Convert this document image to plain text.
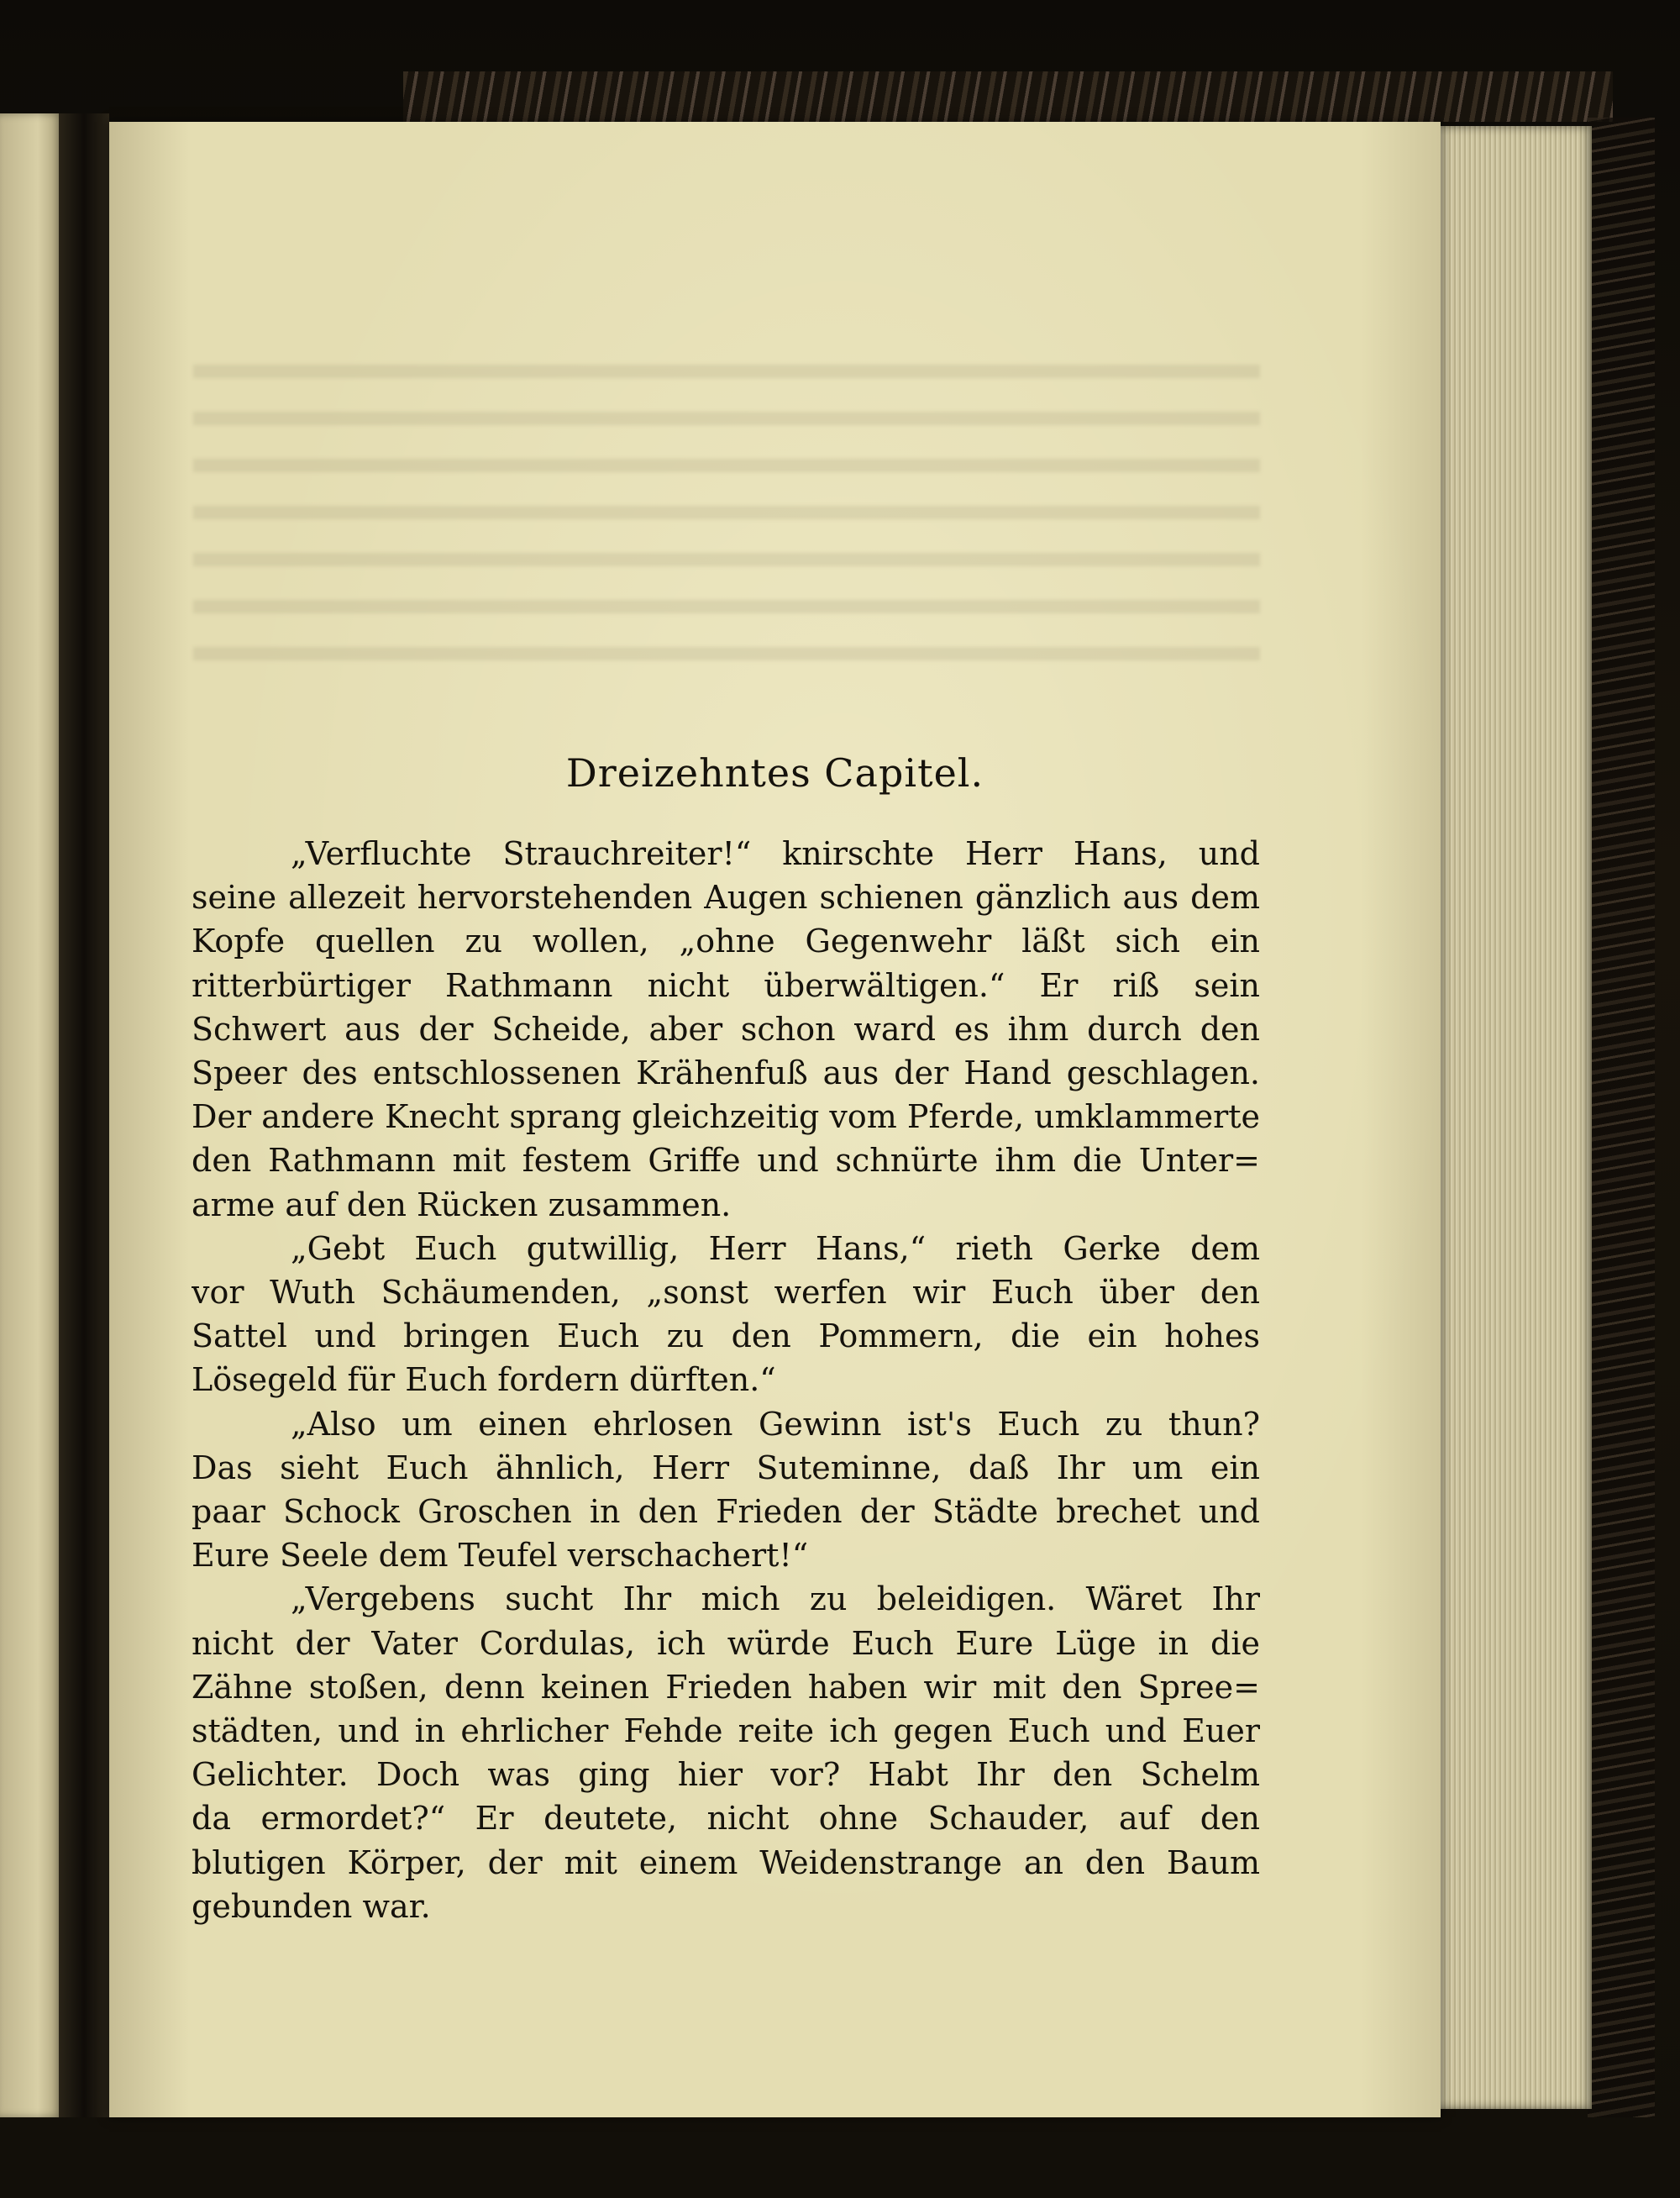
Dreizehntes Capitel.
„Verfluchte Strauchreiter!“ knirschte Herr Hans, und
seine allezeit hervorstehenden Augen schienen gänzlich aus dem
Kopfe quellen zu wollen, „ohne Gegenwehr läßt sich ein
ritterbürtiger Rathmann nicht überwältigen.“ Er riß sein
Schwert aus der Scheide, aber schon ward es ihm durch den
Speer des entschlossenen Krähenfuß aus der Hand geschlagen.
Der andere Knecht sprang gleichzeitig vom Pferde, umklammerte
den Rathmann mit festem Griffe und schnürte ihm die Unter=
arme auf den Rücken zusammen.
„Gebt Euch gutwillig, Herr Hans,“ rieth Gerke dem
vor Wuth Schäumenden, „sonst werfen wir Euch über den
Sattel und bringen Euch zu den Pommern, die ein hohes
Lösegeld für Euch fordern dürften.“
„Also um einen ehrlosen Gewinn ist's Euch zu thun?
Das sieht Euch ähnlich, Herr Suteminne, daß Ihr um ein
paar Schock Groschen in den Frieden der Städte brechet und
Eure Seele dem Teufel verschachert!“
„Vergebens sucht Ihr mich zu beleidigen. Wäret Ihr
nicht der Vater Cordulas, ich würde Euch Eure Lüge in die
Zähne stoßen, denn keinen Frieden haben wir mit den Spree=
städten, und in ehrlicher Fehde reite ich gegen Euch und Euer
Gelichter. Doch was ging hier vor? Habt Ihr den Schelm
da ermordet?“ Er deutete, nicht ohne Schauder, auf den
blutigen Körper, der mit einem Weidenstrange an den Baum
gebunden war.
